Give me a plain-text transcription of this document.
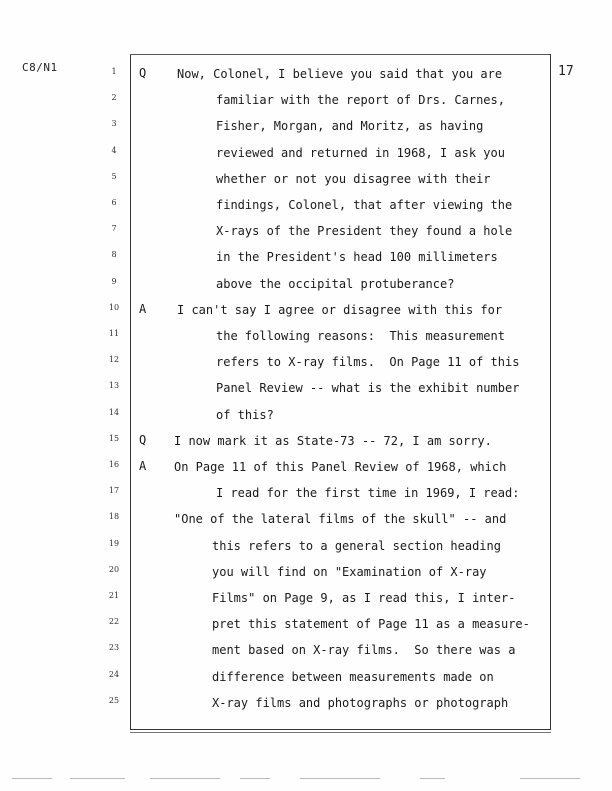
C8/N1	17
1	Q	Now, Colonel, I believe you said that you are
2	familiar with the report of Drs. Carnes,
3	Fisher, Morgan, and Moritz, as having
4	reviewed and returned in 1968, I ask you
5	whether or not you disagree with their
6	findings, Colonel, that after viewing the
7	X-rays of the President they found a hole
8	in the President's head 100 millimeters
9	above the occipital protuberance?
10	A	I can't say I agree or disagree with this for
11	the following reasons:  This measurement
12	refers to X-ray films.  On Page 11 of this
13	Panel Review -- what is the exhibit number
14	of this?
15	Q I now mark it as State-73 -- 72, I am sorry.
16	A On Page 11 of this Panel Review of 1968, which
17	I read for the first time in 1969, I read:
18	"One of the lateral films of the skull" -- and
19	this refers to a general section heading
20	you will find on "Examination of X-ray
21	Films" on Page 9, as I read this, I inter-
22	pret this statement of Page 11 as a measure-
23	ment based on X-ray films.  So there was a
24	difference between measurements made on
25	X-ray films and photographs or photograph
